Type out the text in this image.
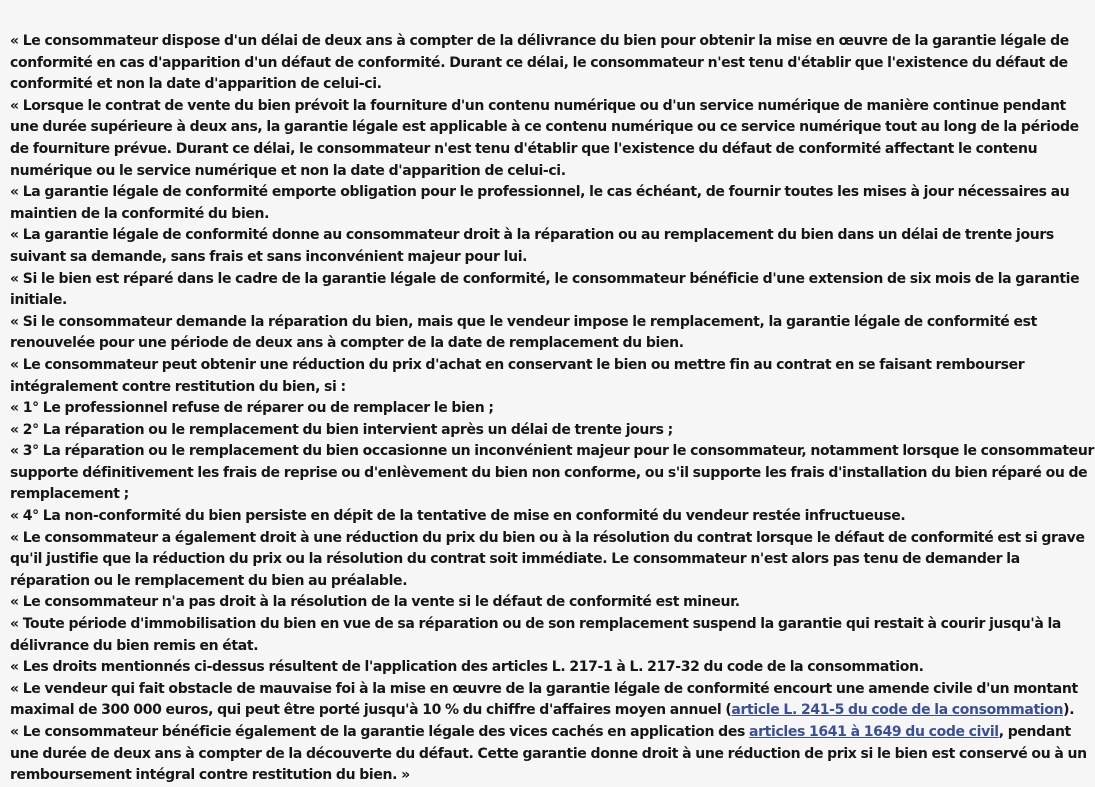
« Le consommateur dispose d'un délai de deux ans à compter de la délivrance du bien pour obtenir la mise en œuvre de la garantie légale de conformité en cas d'apparition d'un défaut de conformité. Durant ce délai, le consommateur n'est tenu d'établir que l'existence du défaut de conformité et non la date d'apparition de celui-ci.

« Lorsque le contrat de vente du bien prévoit la fourniture d'un contenu numérique ou d'un service numérique de manière continue pendant une durée supérieure à deux ans, la garantie légale est applicable à ce contenu numérique ou ce service numérique tout au long de la période de fourniture prévue. Durant ce délai, le consommateur n'est tenu d'établir que l'existence du défaut de conformité affectant le contenu numérique ou le service numérique et non la date d'apparition de celui-ci.

« La garantie légale de conformité emporte obligation pour le professionnel, le cas échéant, de fournir toutes les mises à jour nécessaires au maintien de la conformité du bien.

« La garantie légale de conformité donne au consommateur droit à la réparation ou au remplacement du bien dans un délai de trente jours suivant sa demande, sans frais et sans inconvénient majeur pour lui.

« Si le bien est réparé dans le cadre de la garantie légale de conformité, le consommateur bénéficie d'une extension de six mois de la garantie initiale.

« Si le consommateur demande la réparation du bien, mais que le vendeur impose le remplacement, la garantie légale de conformité est renouvelée pour une période de deux ans à compter de la date de remplacement du bien.

« Le consommateur peut obtenir une réduction du prix d'achat en conservant le bien ou mettre fin au contrat en se faisant rembourser intégralement contre restitution du bien, si :

« 1° Le professionnel refuse de réparer ou de remplacer le bien ;

« 2° La réparation ou le remplacement du bien intervient après un délai de trente jours ;

« 3° La réparation ou le remplacement du bien occasionne un inconvénient majeur pour le consommateur, notamment lorsque le consommateur supporte définitivement les frais de reprise ou d'enlèvement du bien non conforme, ou s'il supporte les frais d'installation du bien réparé ou de remplacement ;

« 4° La non-conformité du bien persiste en dépit de la tentative de mise en conformité du vendeur restée infructueuse.

« Le consommateur a également droit à une réduction du prix du bien ou à la résolution du contrat lorsque le défaut de conformité est si grave qu'il justifie que la réduction du prix ou la résolution du contrat soit immédiate. Le consommateur n'est alors pas tenu de demander la réparation ou le remplacement du bien au préalable.

« Le consommateur n'a pas droit à la résolution de la vente si le défaut de conformité est mineur.

« Toute période d'immobilisation du bien en vue de sa réparation ou de son remplacement suspend la garantie qui restait à courir jusqu'à la délivrance du bien remis en état.

« Les droits mentionnés ci-dessus résultent de l'application des articles L. 217-1 à L. 217-32 du code de la consommation.

« Le vendeur qui fait obstacle de mauvaise foi à la mise en œuvre de la garantie légale de conformité encourt une amende civile d'un montant maximal de 300 000 euros, qui peut être porté jusqu'à 10 % du chiffre d'affaires moyen annuel (article L. 241-5 du code de la consommation).

« Le consommateur bénéficie également de la garantie légale des vices cachés en application des articles 1641 à 1649 du code civil, pendant une durée de deux ans à compter de la découverte du défaut. Cette garantie donne droit à une réduction de prix si le bien est conservé ou à un remboursement intégral contre restitution du bien. »
